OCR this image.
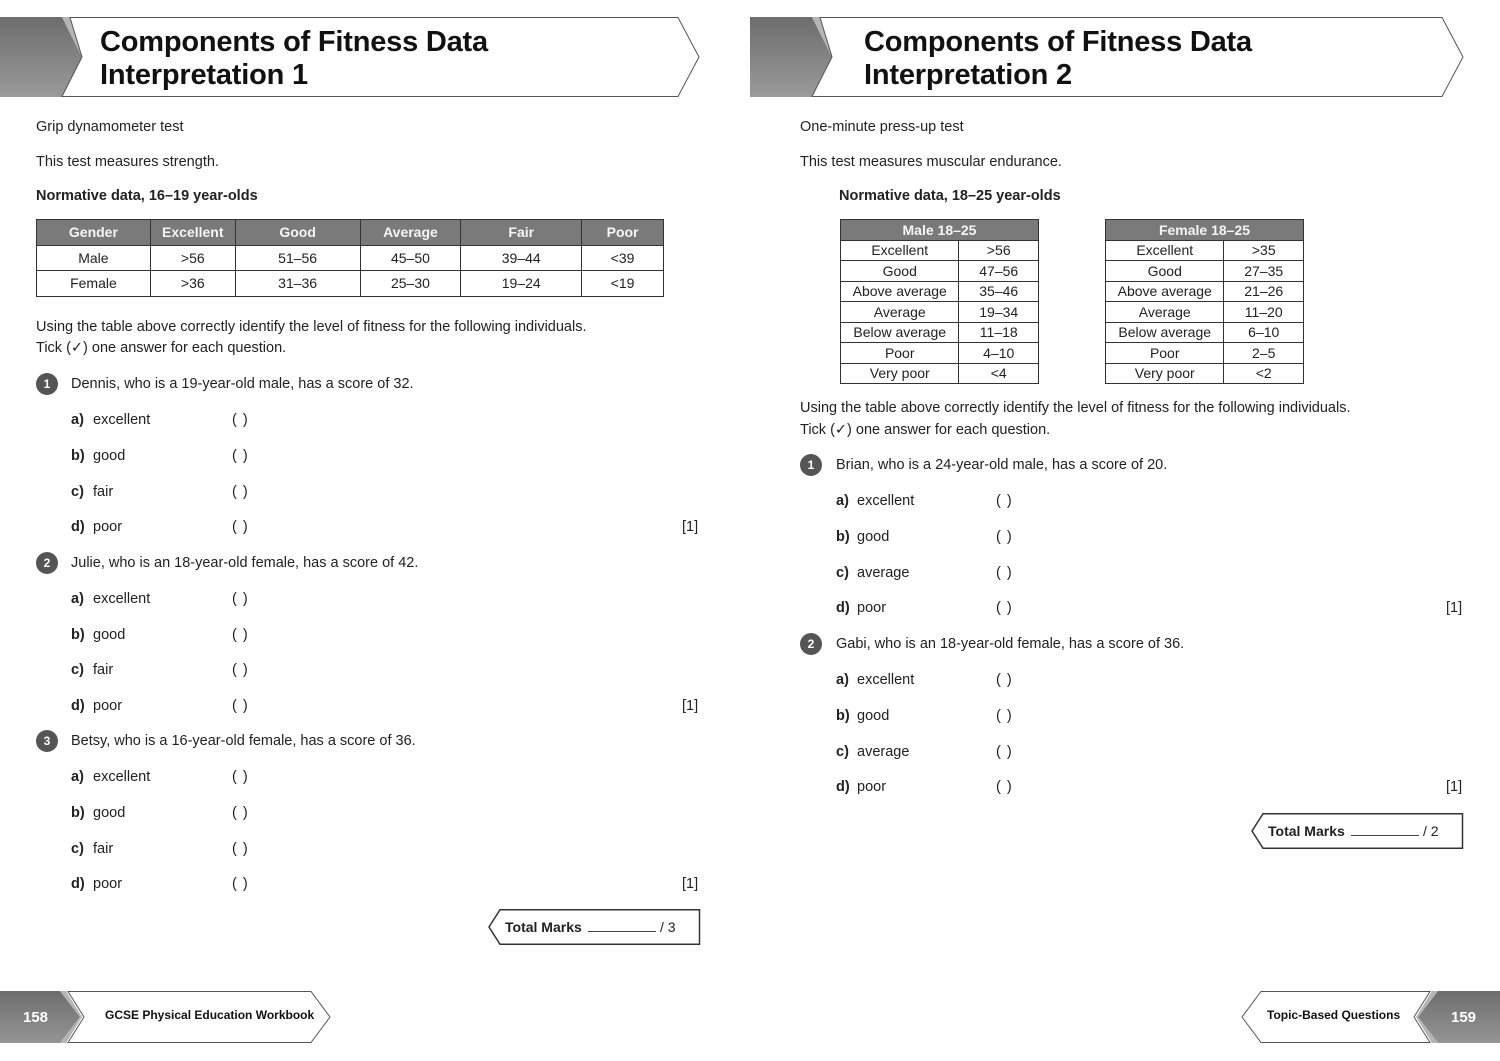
Components of Fitness Data
Interpretation 1
Grip dynamometer test
This test measures strength.
Normative data, 16–19 year-olds
Gender	Excellent	Good	Average	Fair	Poor
Male	>56	51–56	45–50	39–44	<39
Female	>36	31–36	25–30	19–24	<19
Using the table above correctly identify the level of fitness for the following individuals.
Tick (✓) one answer for each question.
1	Dennis, who is a 19-year-old male, has a score of 32.
a) excellent	( )
b) good	( )
c) fair	( )
d) poor	( )	[1]
2	Julie, who is an 18-year-old female, has a score of 42.
a) excellent	( )
b) good	( )
c) fair	( )
d) poor	( )	[1]
3	Betsy, who is a 16-year-old female, has a score of 36.
a) excellent	( )
b) good	( )
c) fair	( )
d) poor	( )	[1]
Total Marks	/ 3
158	GCSE Physical Education Workbook
Components of Fitness Data
Interpretation 2
One-minute press-up test
This test measures muscular endurance.
Normative data, 18–25 year-olds
Male 18–25	
Excellent	>56
Good	47–56
Above average	35–46
Average	19–34
Below average	11–18
Poor	4–10
Very poor	<4
Female 18–25	
Excellent	>35
Good	27–35
Above average	21–26
Average	11–20
Below average	6–10
Poor	2–5
Very poor	<2
Using the table above correctly identify the level of fitness for the following individuals.
Tick (✓) one answer for each question.
1	Brian, who is a 24-year-old male, has a score of 20.
a) excellent	( )
b) good	( )
c) average	( )
d) poor	( )	[1]
2	Gabi, who is an 18-year-old female, has a score of 36.
a) excellent	( )
b) good	( )
c) average	( )
d) poor	( )	[1]
Total Marks	/ 2
Topic-Based Questions	159
